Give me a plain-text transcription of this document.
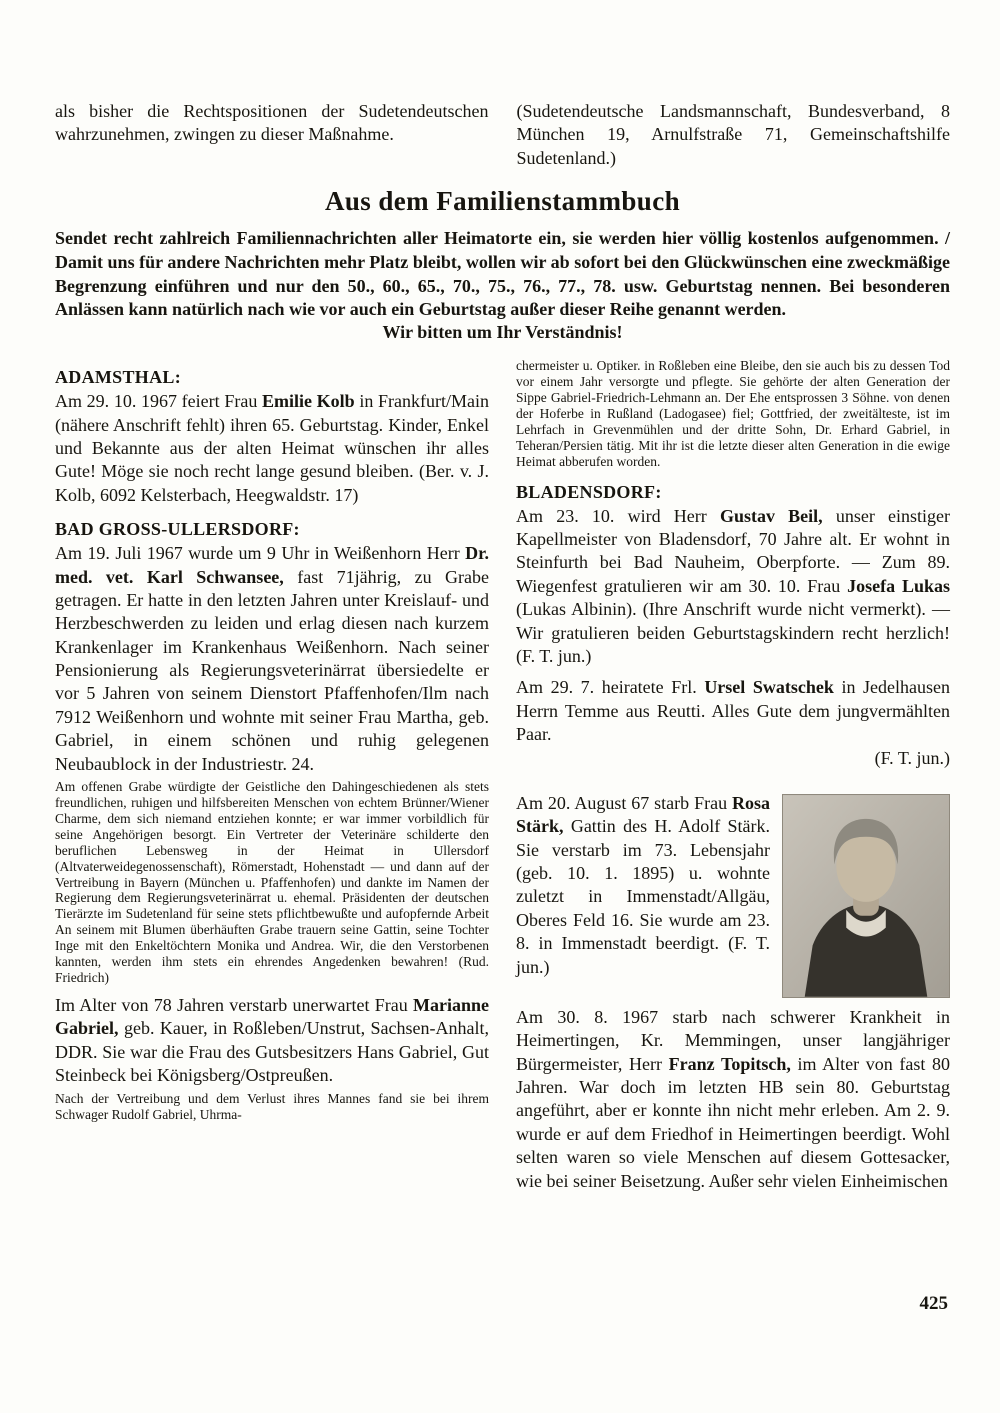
als bisher die Rechtspositionen der Sudetendeutschen wahrzunehmen, zwingen zu dieser Maßnahme.

(Sudetendeutsche Landsmannschaft, Bundesverband, 8 München 19, Arnulfstraße 71, Gemeinschaftshilfe Sudetenland.)

Aus dem Familienstammbuch

Sendet recht zahlreich Familiennachrichten aller Heimatorte ein, sie werden hier völlig kostenlos aufgenommen. / Damit uns für andere Nachrichten mehr Platz bleibt, wollen wir ab sofort bei den Glückwünschen eine zweckmäßige Begrenzung einführen und nur den 50., 60., 65., 70., 75., 76., 77., 78. usw. Geburtstag nennen. Bei besonderen Anlässen kann natürlich nach wie vor auch ein Geburtstag außer dieser Reihe genannt werden.

Wir bitten um Ihr Verständnis!

ADAMSTHAL:

Am 29. 10. 1967 feiert Frau Emilie Kolb in Frankfurt/Main (nähere Anschrift fehlt) ihren 65. Geburtstag. Kinder, Enkel und Bekannte aus der alten Heimat wünschen ihr alles Gute! Möge sie noch recht lange gesund bleiben. (Ber. v. J. Kolb, 6092 Kelsterbach, Heegwaldstr. 17)

BAD GROSS-ULLERSDORF:

Am 19. Juli 1967 wurde um 9 Uhr in Weißenhorn Herr Dr. med. vet. Karl Schwansee, fast 71jährig, zu Grabe getragen. Er hatte in den letzten Jahren unter Kreislauf- und Herzbeschwerden zu leiden und erlag diesen nach kurzem Krankenlager im Krankenhaus Weißenhorn. Nach seiner Pensionierung als Regierungsveterinärrat übersiedelte er vor 5 Jahren von seinem Dienstort Pfaffenhofen/Ilm nach 7912 Weißenhorn und wohnte mit seiner Frau Martha, geb. Gabriel, in einem schönen und ruhig gelegenen Neubaublock in der Industriestr. 24.

Am offenen Grabe würdigte der Geistliche den Dahingeschiedenen als stets freundlichen, ruhigen und hilfsbereiten Menschen von echtem Brünner/Wiener Charme, dem sich niemand entziehen konnte; er war immer vorbildlich für seine Angehörigen besorgt. Ein Vertreter der Veterinäre schilderte den beruflichen Lebensweg in der Heimat in Ullersdorf (Altvaterweidegenossenschaft), Römerstadt, Hohenstadt — und dann auf der Vertreibung in Bayern (München u. Pfaffenhofen) und dankte im Namen der Regierung dem Regierungsveterinärrat u. ehemal. Präsidenten der deutschen Tierärzte im Sudetenland für seine stets pflichtbewußte und aufopfernde Arbeit An seinem mit Blumen überhäuften Grabe trauern seine Gattin, seine Tochter Inge mit den Enkeltöchtern Monika und Andrea. Wir, die den Verstorbenen kannten, werden ihm stets ein ehrendes Angedenken bewahren! (Rud. Friedrich)

Im Alter von 78 Jahren verstarb unerwartet Frau Marianne Gabriel, geb. Kauer, in Roßleben/Unstrut, Sachsen-Anhalt, DDR. Sie war die Frau des Gutsbesitzers Hans Gabriel, Gut Steinbeck bei Königsberg/Ostpreußen.

Nach der Vertreibung und dem Verlust ihres Mannes fand sie bei ihrem Schwager Rudolf Gabriel, Uhrma-

chermeister u. Optiker. in Roßleben eine Bleibe, den sie auch bis zu dessen Tod vor einem Jahr versorgte und pflegte. Sie gehörte der alten Generation der Sippe Gabriel-Friedrich-Lehmann an. Der Ehe entsprossen 3 Söhne. von denen der Hoferbe in Rußland (Ladogasee) fiel; Gottfried, der zweitälteste, ist im Lehrfach in Grevenmühlen und der dritte Sohn, Dr. Erhard Gabriel, in Teheran/Persien tätig. Mit ihr ist die letzte dieser alten Generation in die ewige Heimat abberufen worden.

BLADENSDORF:

Am 23. 10. wird Herr Gustav Beil, unser einstiger Kapellmeister von Bladensdorf, 70 Jahre alt. Er wohnt in Steinfurth bei Bad Nauheim, Oberpforte. — Zum 89. Wiegenfest gratulieren wir am 30. 10. Frau Josefa Lukas (Lukas Albinin). (Ihre Anschrift wurde nicht vermerkt). — Wir gratulieren beiden Geburtstagskindern recht herzlich! (F. T. jun.)

Am 29. 7. heiratete Frl. Ursel Swatschek in Jedelhausen Herrn Temme aus Reutti. Alles Gute dem jungvermählten Paar.

(F. T. jun.)

Am 20. August 67 starb Frau Rosa Stärk, Gattin des H. Adolf Stärk. Sie verstarb im 73. Lebensjahr (geb. 10. 1. 1895) u. wohnte zuletzt in Immenstadt/Allgäu, Oberes Feld 16. Sie wurde am 23. 8. in Immenstadt beerdigt. (F. T. jun.)

Am 30. 8. 1967 starb nach schwerer Krankheit in Heimertingen, Kr. Memmingen, unser langjähriger Bürgermeister, Herr Franz Topitsch, im Alter von fast 80 Jahren. War doch im letzten HB sein 80. Geburtstag angeführt, aber er konnte ihn nicht mehr erleben. Am 2. 9. wurde er auf dem Friedhof in Heimertingen beerdigt. Wohl selten waren so viele Menschen auf diesem Gottesacker, wie bei seiner Beisetzung. Außer sehr vielen Einheimischen

425
